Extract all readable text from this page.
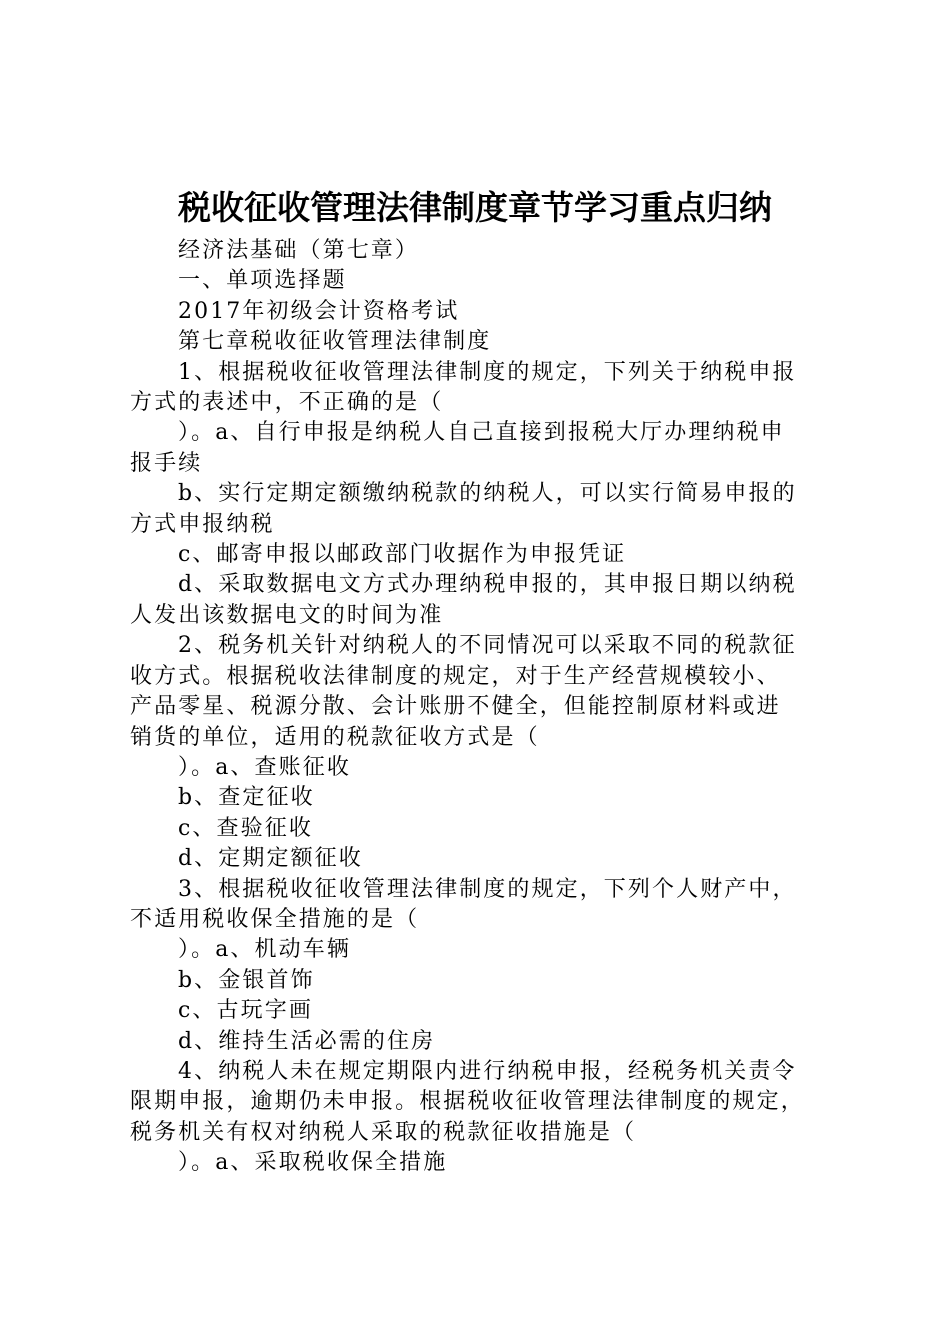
税收征收管理法律制度章节学习重点归纳

经济法基础（第七章）

一、单项选择题

2017年初级会计资格考试

第七章税收征收管理法律制度

1、根据税收征收管理法律制度的规定，下列关于纳税申报

方式的表述中，不正确的是（

）。a、自行申报是纳税人自己直接到报税大厅办理纳税申

报手续

b、实行定期定额缴纳税款的纳税人，可以实行简易申报的

方式申报纳税

c、邮寄申报以邮政部门收据作为申报凭证

d、采取数据电文方式办理纳税申报的，其申报日期以纳税

人发出该数据电文的时间为准

2、税务机关针对纳税人的不同情况可以采取不同的税款征

收方式。根据税收法律制度的规定，对于生产经营规模较小、

产品零星、税源分散、会计账册不健全，但能控制原材料或进

销货的单位，适用的税款征收方式是（

）。a、查账征收

b、查定征收

c、查验征收

d、定期定额征收

3、根据税收征收管理法律制度的规定，下列个人财产中，

不适用税收保全措施的是（

）。a、机动车辆

b、金银首饰

c、古玩字画

d、维持生活必需的住房

4、纳税人未在规定期限内进行纳税申报，经税务机关责令

限期申报，逾期仍未申报。根据税收征收管理法律制度的规定，

税务机关有权对纳税人采取的税款征收措施是（

）。a、采取税收保全措施
